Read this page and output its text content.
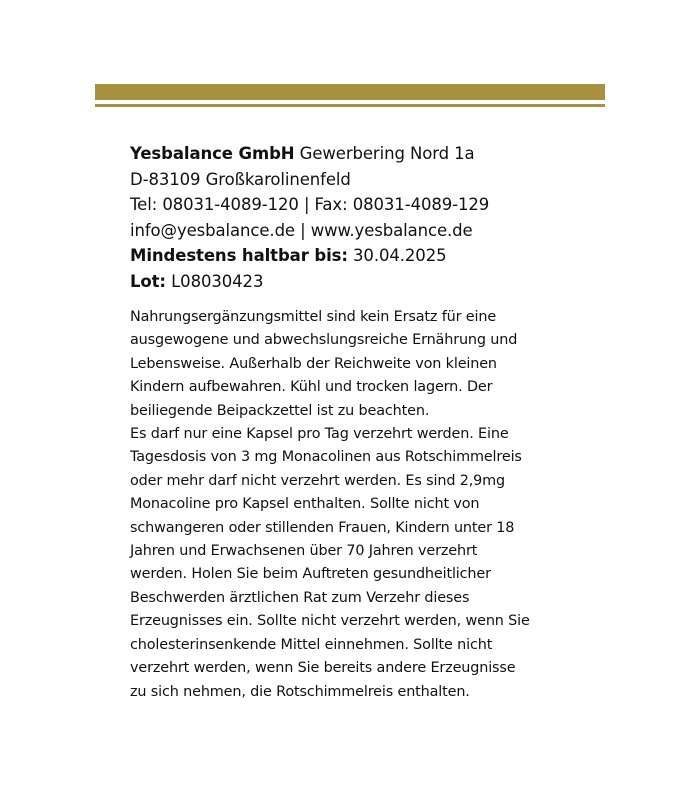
Yesbalance GmbH Gewerbering Nord 1a
D-83109 Großkarolinenfeld
Tel: 08031-4089-120 | Fax: 08031-4089-129
info@yesbalance.de | www.yesbalance.de
Mindestens haltbar bis: 30.04.2025
Lot: L08030423
Nahrungsergänzungsmittel sind kein Ersatz für eine
ausgewogene und abwechslungsreiche Ernährung und
Lebensweise. Außerhalb der Reichweite von kleinen
Kindern aufbewahren. Kühl und trocken lagern. Der
beiliegende Beipackzettel ist zu beachten.
Es darf nur eine Kapsel pro Tag verzehrt werden. Eine
Tagesdosis von 3 mg Monacolinen aus Rotschimmelreis
oder mehr darf nicht verzehrt werden. Es sind 2,9mg
Monacoline pro Kapsel enthalten. Sollte nicht von
schwangeren oder stillenden Frauen, Kindern unter 18
Jahren und Erwachsenen über 70 Jahren verzehrt
werden. Holen Sie beim Auftreten gesundheitlicher
Beschwerden ärztlichen Rat zum Verzehr dieses
Erzeugnisses ein. Sollte nicht verzehrt werden, wenn Sie
cholesterinsenkende Mittel einnehmen. Sollte nicht
verzehrt werden, wenn Sie bereits andere Erzeugnisse
zu sich nehmen, die Rotschimmelreis enthalten.
